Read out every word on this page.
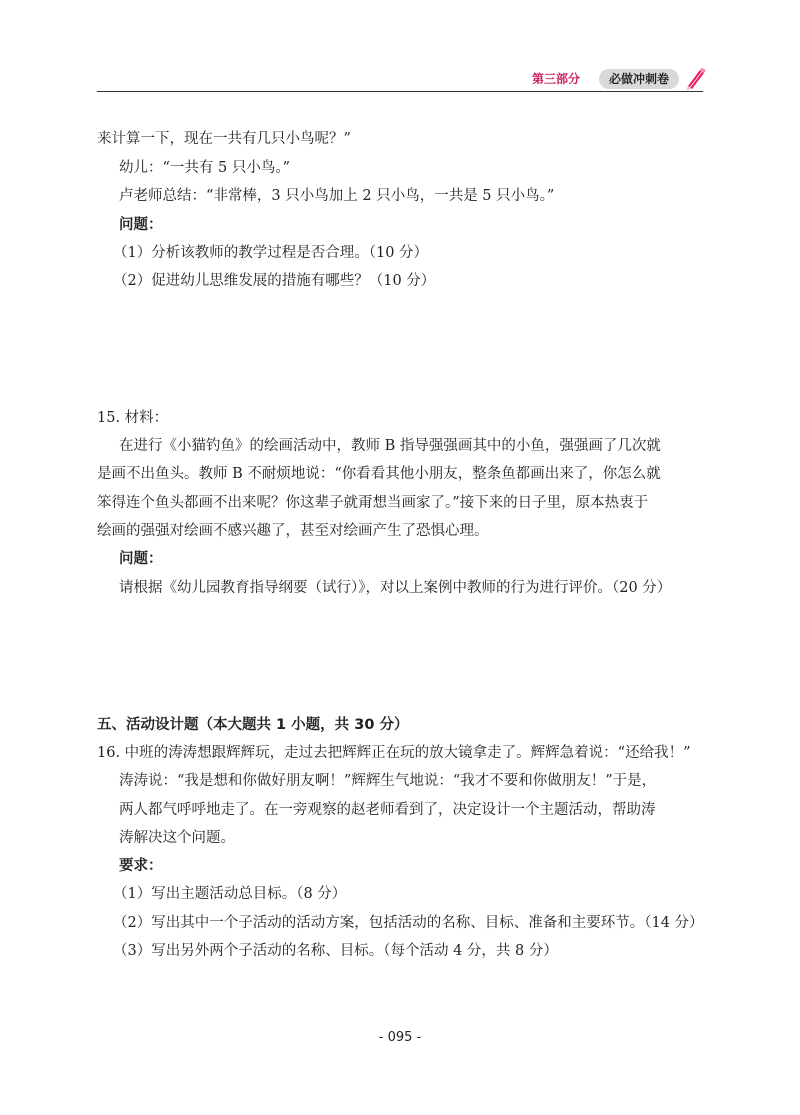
第三部分	必做冲刺卷
来计算一下，现在一共有几只小鸟呢？”
幼儿：“一共有 5 只小鸟。”
卢老师总结：“非常棒，3 只小鸟加上 2 只小鸟，一共是 5 只小鸟。”
问题：
（1）分析该教师的教学过程是否合理。（10 分）
（2）促进幼儿思维发展的措施有哪些？（10 分）
15. 材料：
在进行《小猫钓鱼》的绘画活动中，教师 B 指导强强画其中的小鱼，强强画了几次就
是画不出鱼头。教师 B 不耐烦地说：“你看看其他小朋友，整条鱼都画出来了，你怎么就
笨得连个鱼头都画不出来呢？你这辈子就甭想当画家了。”接下来的日子里，原本热衷于
绘画的强强对绘画不感兴趣了，甚至对绘画产生了恐惧心理。
问题：
请根据《幼儿园教育指导纲要（试行）》，对以上案例中教师的行为进行评价。（20 分）
五、活动设计题（本大题共 1 小题，共 30 分）
16. 中班的涛涛想跟辉辉玩，走过去把辉辉正在玩的放大镜拿走了。辉辉急着说：“还给我！”
涛涛说：“我是想和你做好朋友啊！”辉辉生气地说：“我才不要和你做朋友！”于是，
两人都气呼呼地走了。在一旁观察的赵老师看到了，决定设计一个主题活动，帮助涛
涛解决这个问题。
要求：
（1）写出主题活动总目标。（8 分）
（2）写出其中一个子活动的活动方案，包括活动的名称、目标、准备和主要环节。（14 分）
（3）写出另外两个子活动的名称、目标。（每个活动 4 分，共 8 分）
- 095 -
